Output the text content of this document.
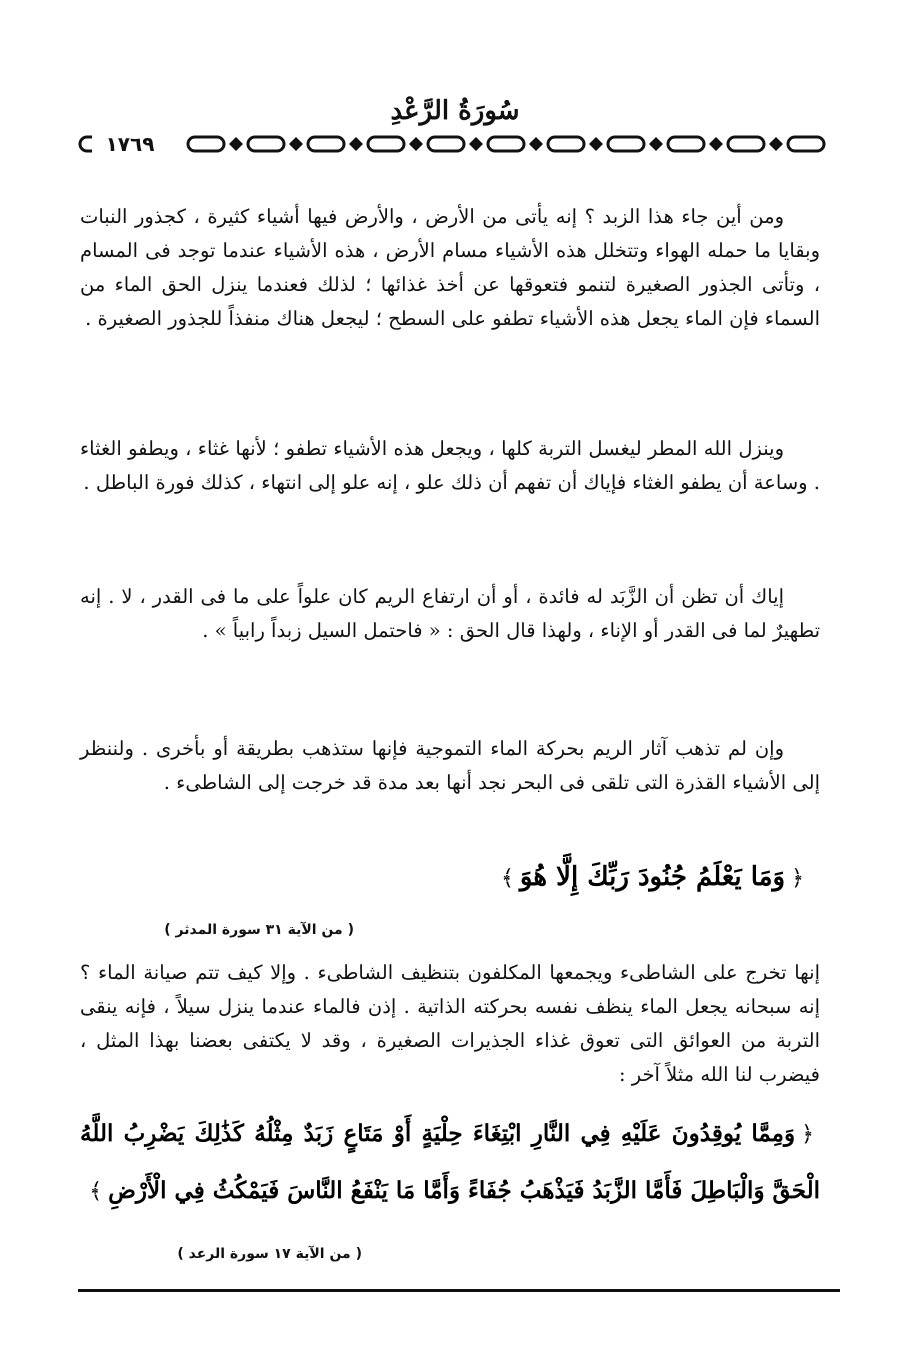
سُورَةُ الرَّعْدِ
١٧٦٩

ومن أين جاء هذا الزبد ؟ إنه يأتى من الأرض ، والأرض فيها أشياء كثيرة ، كجذور النبات وبقايا ما حمله الهواء وتتخلل هذه الأشياء مسام الأرض ، هذه الأشياء عندما توجد فى المسام ، وتأتى الجذور الصغيرة لتنمو فتعوقها عن أخذ غذائها ؛ لذلك فعندما ينزل الحق الماء من السماء فإن الماء يجعل هذه الأشياء تطفو على السطح ؛ ليجعل هناك منفذاً للجذور الصغيرة .

وينزل الله المطر ليغسل التربة كلها ، ويجعل هذه الأشياء تطفو ؛ لأنها غثاء ، ويطفو الغثاء . وساعة أن يطفو الغثاء فإياك أن تفهم أن ذلك علو ، إنه علو إلى انتهاء ، كذلك فورة الباطل .

إياك أن تظن أن الزَّبَد له فائدة ، أو أن ارتفاع الريم كان علواً على ما فى القدر ، لا . إنه تطهيرٌ لما فى القدر أو الإناء ، ولهذا قال الحق : « فاحتمل السيل زبداً رابياً » .

وإن لم تذهب آثار الريم بحركة الماء التموجية فإنها ستذهب بطريقة أو بأخرى . ولننظر إلى الأشياء القذرة التى تلقى فى البحر نجد أنها بعد مدة قد خرجت إلى الشاطىء .

﴿وَمَا يَعْلَمُ جُنُودَ رَبِّكَ إِلَّا هُوَ﴾
( من الآية ٣١ سورة المدثر )

إنها تخرج على الشاطىء ويجمعها المكلفون بتنظيف الشاطىء . وإلا كيف تتم صيانة الماء ؟ إنه سبحانه يجعل الماء ينظف نفسه بحركته الذاتية . إذن فالماء عندما ينزل سيلاً ، فإنه ينقى التربة من العوائق التى تعوق غذاء الجذيرات الصغيرة ، وقد لا يكتفى بعضنا بهذا المثل ، فيضرب لنا الله مثلاً آخر :

﴿وَمِمَّا يُوقِدُونَ عَلَيْهِ فِي النَّارِ ابْتِغَاءَ حِلْيَةٍ أَوْ مَتَاعٍ زَبَدٌ مِثْلُهُ كَذَٰلِكَ يَضْرِبُ اللَّهُ الْحَقَّ وَالْبَاطِلَ فَأَمَّا الزَّبَدُ فَيَذْهَبُ جُفَاءً وَأَمَّا مَا يَنْفَعُ النَّاسَ فَيَمْكُثُ فِي الْأَرْضِ﴾
( من الآية ١٧ سورة الرعد )
